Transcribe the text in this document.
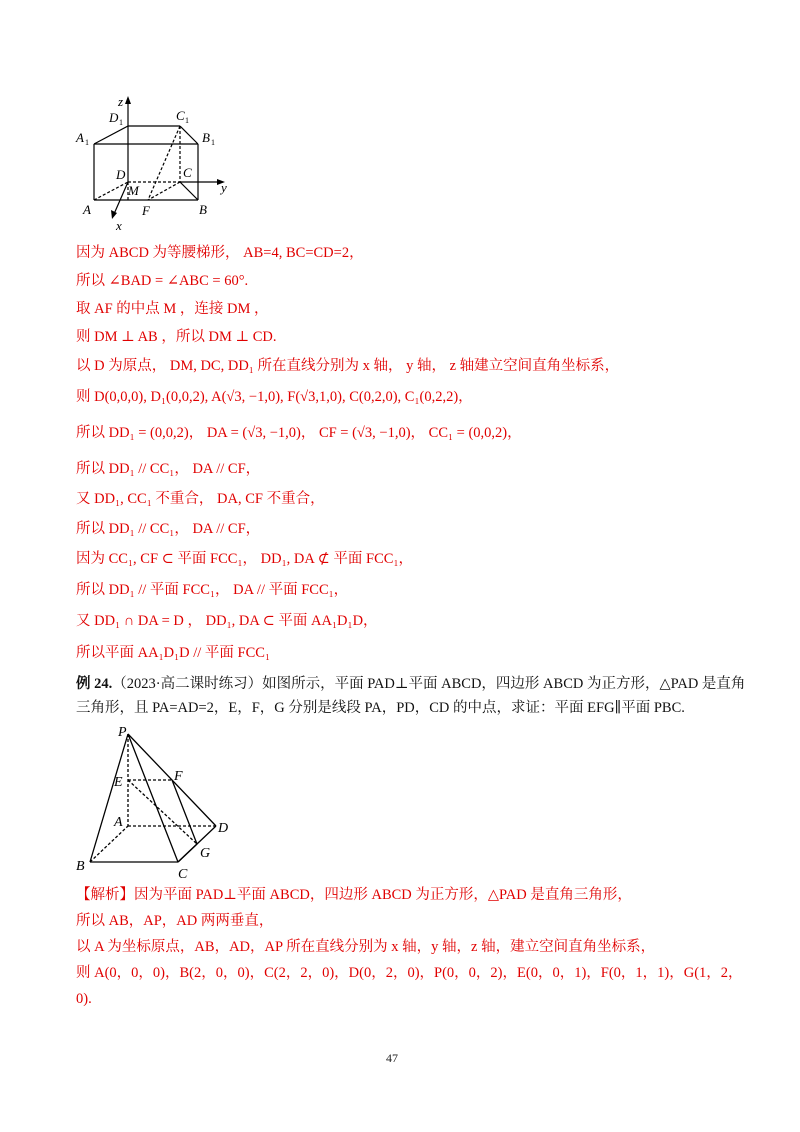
z
D 1	C 1
A 1	B 1
D	C
M	y
A	F	B
x
因为 ABCD 为等腰梯形， AB=4, BC=CD=2，
所以 ∠BAD = ∠ABC = 60°.
取 AF 的中点 M ，连接 DM ，
则 DM ⊥ AB ，所以 DM ⊥ CD.
以 D 为原点， DM, DC, DD₁ 所在直线分别为 x 轴， y 轴， z 轴建立空间直角坐标系，
则 D(0,0,0), D₁(0,0,2), A(√3, −1,0), F(√3,1,0), C(0,2,0), C₁(0,2,2)，
所以 DD₁ = (0,0,2)， DA = (√3, −1,0)， CF = (√3, −1,0)， CC₁ = (0,0,2)，
所以 DD₁ // CC₁， DA // CF，
又 DD₁, CC₁ 不重合， DA, CF 不重合，
所以 DD₁ // CC₁， DA // CF，
因为 CC₁, CF ⊂ 平面 FCC₁， DD₁, DA ⊄ 平面 FCC₁，
所以 DD₁ // 平面 FCC₁， DA // 平面 FCC₁，
又 DD₁ ∩ DA = D ， DD₁, DA ⊂ 平面 AA₁D₁D，
所以平面 AA₁D₁D // 平面 FCC₁
例 24.（2023·高二课时练习）如图所示，平面 PAD⊥平面 ABCD，四边形 ABCD 为正方形，△PAD 是直角
三角形，且 PA=AD=2，E，F，G 分别是线段 PA，PD，CD 的中点，求证：平面 EFG∥平面 PBC.
P
E	F
A	D
G
B
C
【解析】因为平面 PAD⊥平面 ABCD，四边形 ABCD 为正方形，△PAD 是直角三角形，
所以 AB，AP，AD 两两垂直，
以 A 为坐标原点，AB，AD，AP 所在直线分别为 x 轴，y 轴，z 轴，建立空间直角坐标系，
则 A(0，0，0)，B(2，0，0)，C(2，2，0)，D(0，2，0)，P(0，0，2)，E(0，0，1)，F(0，1，1)，G(1，2，
0).
47
